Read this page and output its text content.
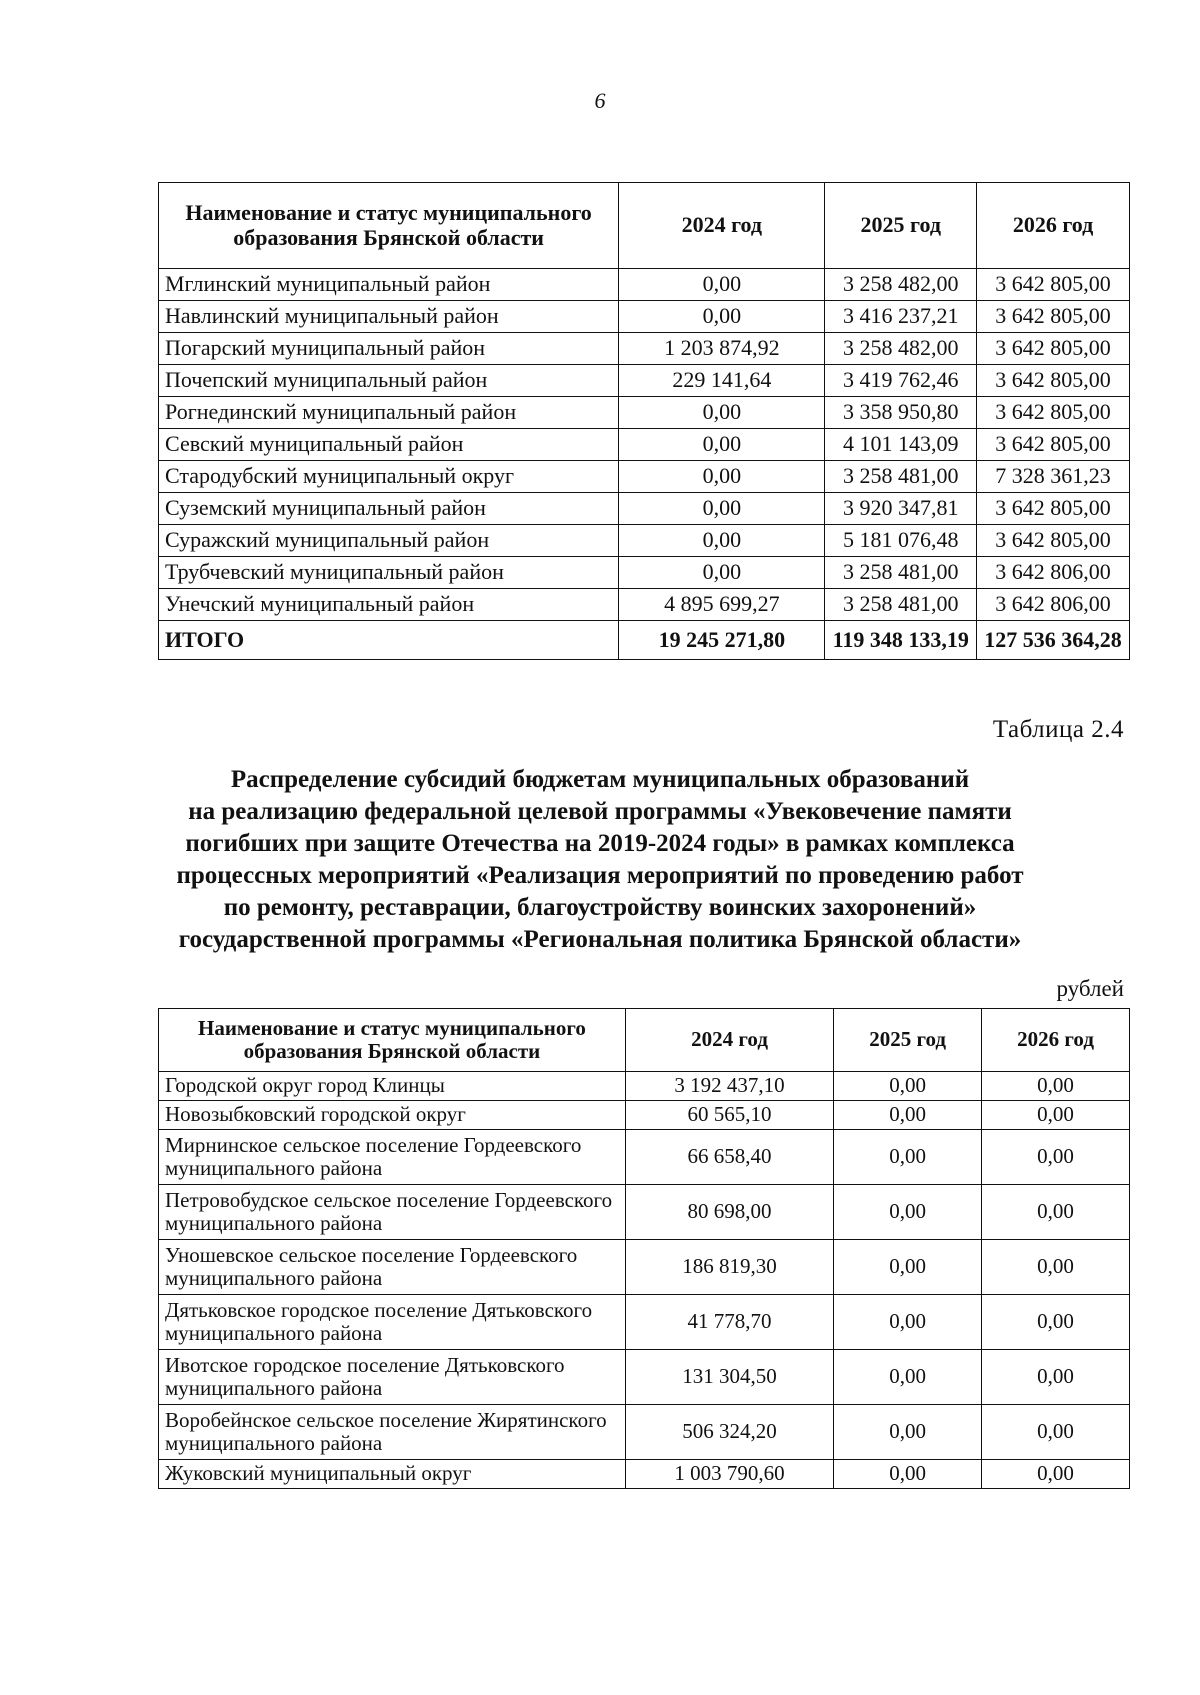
6
Наименование и статус муниципального образования Брянской области	2024 год	2025 год	2026 год
Мглинский муниципальный район	0,00	3 258 482,00	3 642 805,00
Навлинский муниципальный район	0,00	3 416 237,21	3 642 805,00
Погарский муниципальный район	1 203 874,92	3 258 482,00	3 642 805,00
Почепский муниципальный район	229 141,64	3 419 762,46	3 642 805,00
Рогнединский муниципальный район	0,00	3 358 950,80	3 642 805,00
Севский муниципальный район	0,00	4 101 143,09	3 642 805,00
Стародубский муниципальный округ	0,00	3 258 481,00	7 328 361,23
Суземский муниципальный район	0,00	3 920 347,81	3 642 805,00
Суражский муниципальный район	0,00	5 181 076,48	3 642 805,00
Трубчевский муниципальный район	0,00	3 258 481,00	3 642 806,00
Унечский муниципальный район	4 895 699,27	3 258 481,00	3 642 806,00
ИТОГО	19 245 271,80	119 348 133,19	127 536 364,28
Таблица 2.4
Распределение субсидий бюджетам муниципальных образований
на реализацию федеральной целевой программы «Увековечение памяти
погибших при защите Отечества на 2019-2024 годы» в рамках комплекса
процессных мероприятий «Реализация мероприятий по проведению работ
по ремонту, реставрации, благоустройству воинских захоронений»
государственной программы «Региональная политика Брянской области»
рублей
Наименование и статус муниципального образования Брянской области	2024 год	2025 год	2026 год
Городской округ город Клинцы	3 192 437,10	0,00	0,00
Новозыбковский городской округ	60 565,10	0,00	0,00
Мирнинское сельское поселение Гордеевского муниципального района	66 658,40	0,00	0,00
Петровобудское сельское поселение Гордеевского муниципального района	80 698,00	0,00	0,00
Уношевское сельское поселение Гордеевского муниципального района	186 819,30	0,00	0,00
Дятьковское городское поселение Дятьковского муниципального района	41 778,70	0,00	0,00
Ивотское городское поселение Дятьковского муниципального района	131 304,50	0,00	0,00
Воробейнское сельское поселение Жирятинского муниципального района	506 324,20	0,00	0,00
Жуковский муниципальный округ	1 003 790,60	0,00	0,00
